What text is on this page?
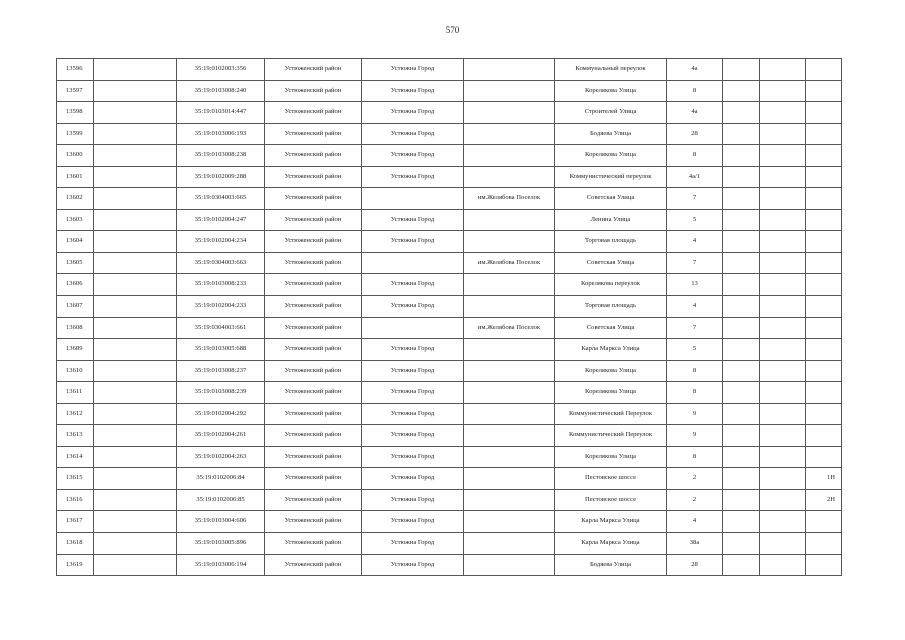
570
13596		35:19:0102003:356	Устюженский район	Устюжна Город		Коммунальный переулок	4а			
13597		35:19:0103008:240	Устюженский район	Устюжна Город		Корелякова Улица	8			
13598		35:19:0103014:447	Устюженский район	Устюжна Город		Строителей Улица	4а			
13599		35:19:0103006:193	Устюженский район	Устюжна Город		Бодяева Улица	28			
13600		35:19:0103008:238	Устюженский район	Устюжна Город		Корелякова Улица	8			
13601		35:19:0102009:288	Устюженский район	Устюжна Город		Коммунистический переулок	4а/1			
13602		35:19:0304003:665	Устюженский район		им.Желябова Поселок	Советская Улица	7			
13603		35:19:0102004:247	Устюженский район	Устюжна Город		Ленина Улица	5			
13604		35:19:0102004:234	Устюженский район	Устюжна Город		Торговая площадь	4			
13605		35:19:0304003:663	Устюженский район		им.Желябова Поселок	Советская Улица	7			
13606		35:19:0103008:233	Устюженский район	Устюжна Город		Корелякова переулок	13			
13607		35:19:0102004:233	Устюженский район	Устюжна Город		Торговая площадь	4			
13608		35:19:0304003:661	Устюженский район		им.Желябова Поселок	Советская Улица	7			
13609		35:19:0103005:688	Устюженский район	Устюжна Город		Карла Маркса Улица	5			
13610		35:19:0103008:237	Устюженский район	Устюжна Город		Корелякова Улица	8			
13611		35:19:0103008:239	Устюженский район	Устюжна Город		Корелякова Улица	8			
13612		35:19:0102004:292	Устюженский район	Устюжна Город		Коммунистический Переулок	9			
13613		35:19:0102004:261	Устюженский район	Устюжна Город		Коммунистический Переулок	9			
13614		35:19:0102004:263	Устюженский район	Устюжна Город		Корелякова Улица	8			
13615		35:19:0102006:84	Устюженский район	Устюжна Город		Пестовское шоссе	2			1Н
13616		35:19:0102006:85	Устюженский район	Устюжна Город		Пестовское шоссе	2			2Н
13617		35:19:0103004:606	Устюженский район	Устюжна Город		Карла Маркса Улица	4			
13618		35:19:0103005:896	Устюженский район	Устюжна Город		Карла Маркса Улица	38а			
13619		35:19:0103006:194	Устюженский район	Устюжна Город		Бодяева Улица	28			
